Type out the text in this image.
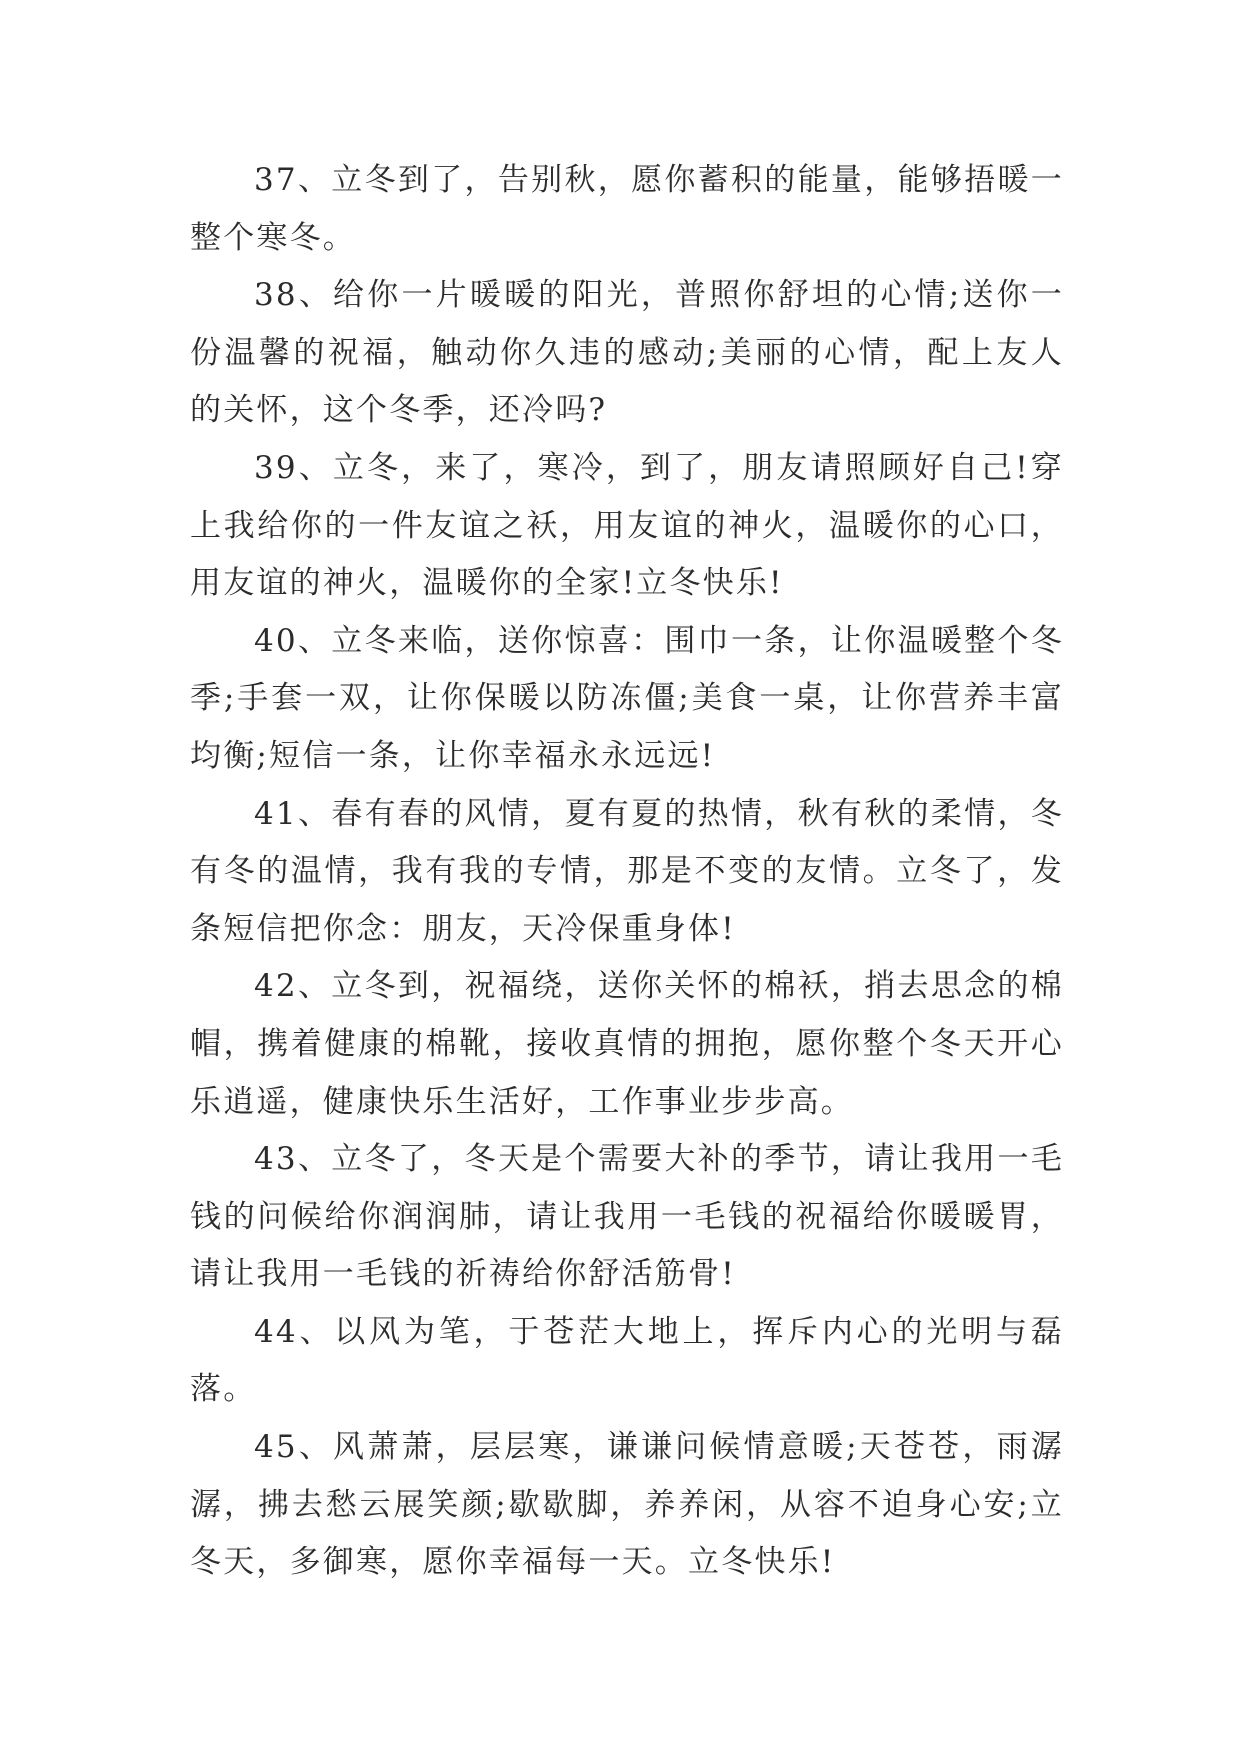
37、立冬到了，告别秋，愿你蓄积的能量，能够捂暖一整个寒冬。

38、给你一片暖暖的阳光，普照你舒坦的心情;送你一份温馨的祝福，触动你久违的感动;美丽的心情，配上友人的关怀，这个冬季，还冷吗?

39、立冬，来了，寒冷，到了，朋友请照顾好自己!穿上我给你的一件友谊之袄，用友谊的神火，温暖你的心口，用友谊的神火，温暖你的全家!立冬快乐!

40、立冬来临，送你惊喜：围巾一条，让你温暖整个冬季;手套一双，让你保暖以防冻僵;美食一桌，让你营养丰富均衡;短信一条，让你幸福永永远远!

41、春有春的风情，夏有夏的热情，秋有秋的柔情，冬有冬的温情，我有我的专情，那是不变的友情。立冬了，发条短信把你念：朋友，天冷保重身体!

42、立冬到，祝福绕，送你关怀的棉袄，捎去思念的棉帽，携着健康的棉靴，接收真情的拥抱，愿你整个冬天开心乐逍遥，健康快乐生活好，工作事业步步高。

43、立冬了，冬天是个需要大补的季节，请让我用一毛钱的问候给你润润肺，请让我用一毛钱的祝福给你暖暖胃，请让我用一毛钱的祈祷给你舒活筋骨!

44、以风为笔，于苍茫大地上，挥斥内心的光明与磊落。

45、风萧萧，层层寒，谦谦问候情意暖;天苍苍，雨潺潺，拂去愁云展笑颜;歇歇脚，养养闲，从容不迫身心安;立冬天，多御寒，愿你幸福每一天。立冬快乐!
